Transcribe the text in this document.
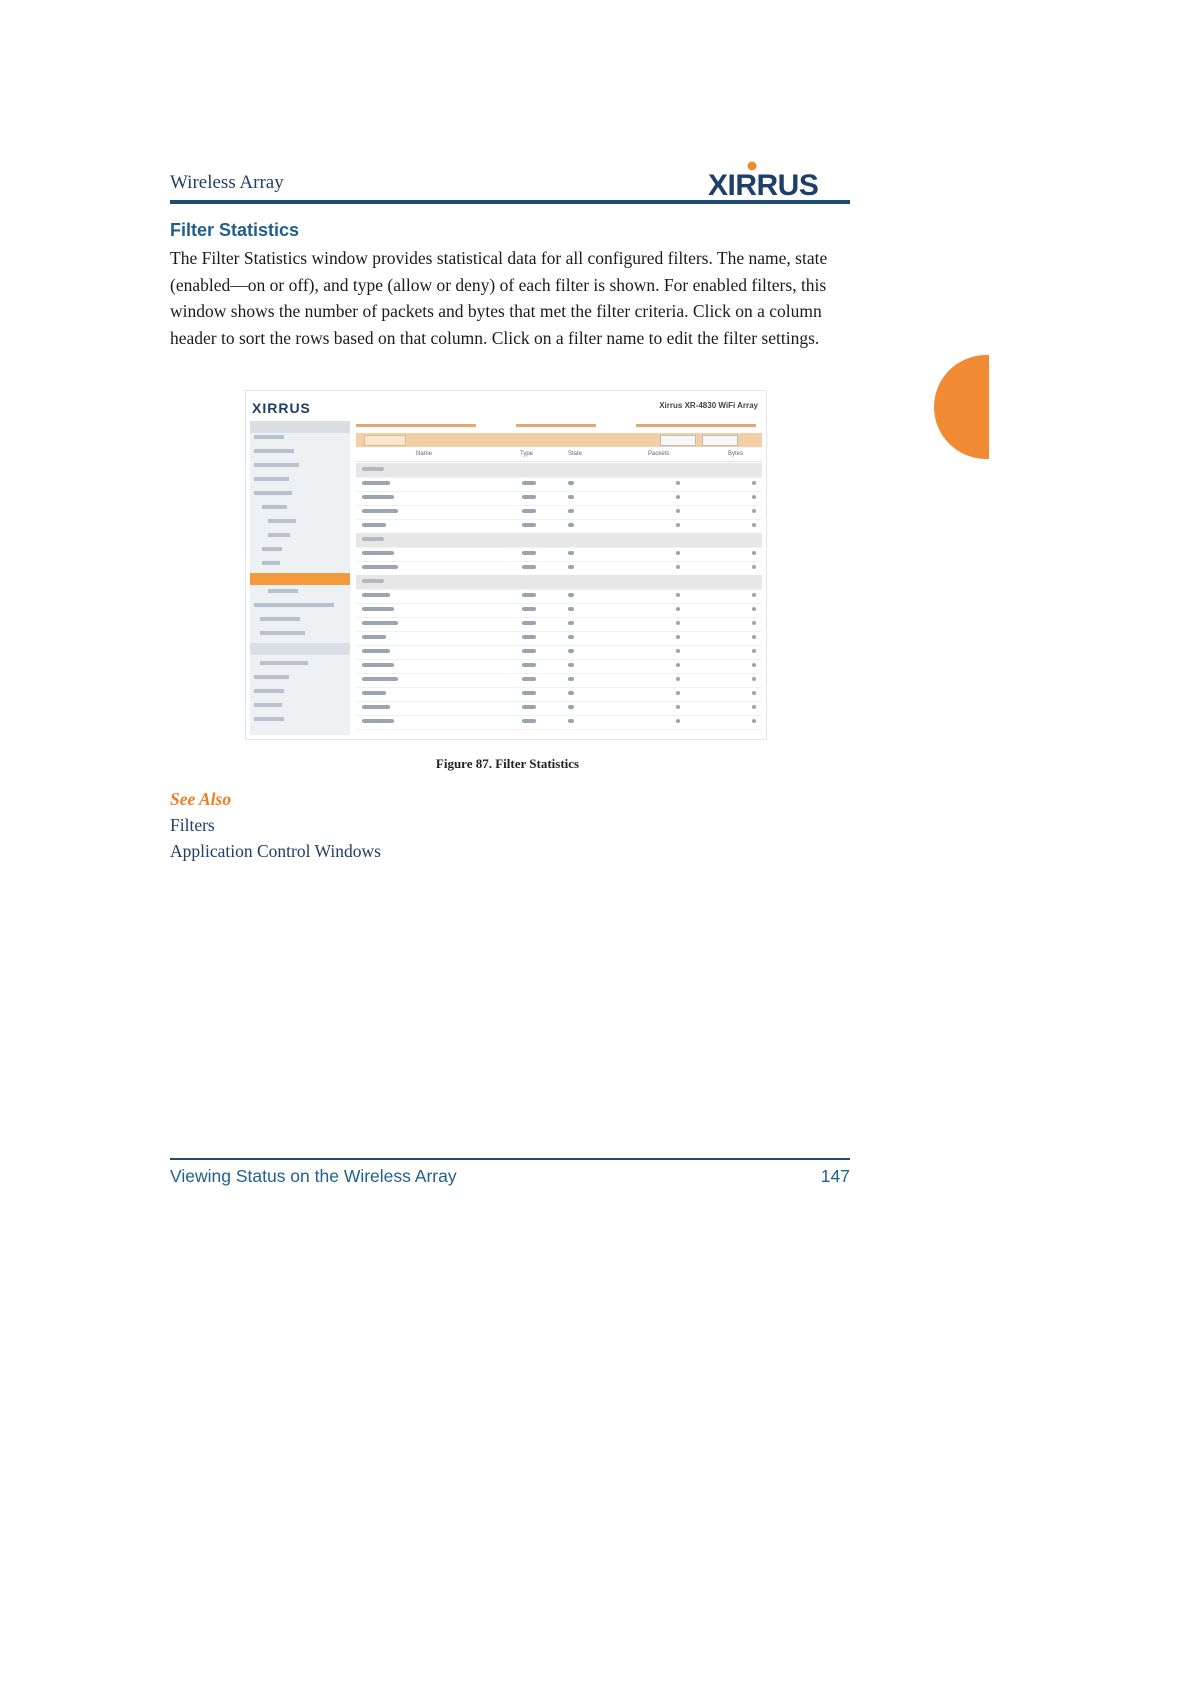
Wireless Array	XIRRUS
Filter Statistics

The Filter Statistics window provides statistical data for all configured filters. The name, state (enabled—on or off), and type (allow or deny) of each filter is shown. For enabled filters, this window shows the number of packets and bytes that met the filter criteria. Click on a column header to sort the rows based on that column. Click on a filter name to edit the filter settings.

XIRRUS	Xirrus XR-4830 WiFi Array
Name	Type	State	Packets	Bytes
Figure 87. Filter Statistics
See Also
Filters
Application Control Windows
Viewing Status on the Wireless Array	147
